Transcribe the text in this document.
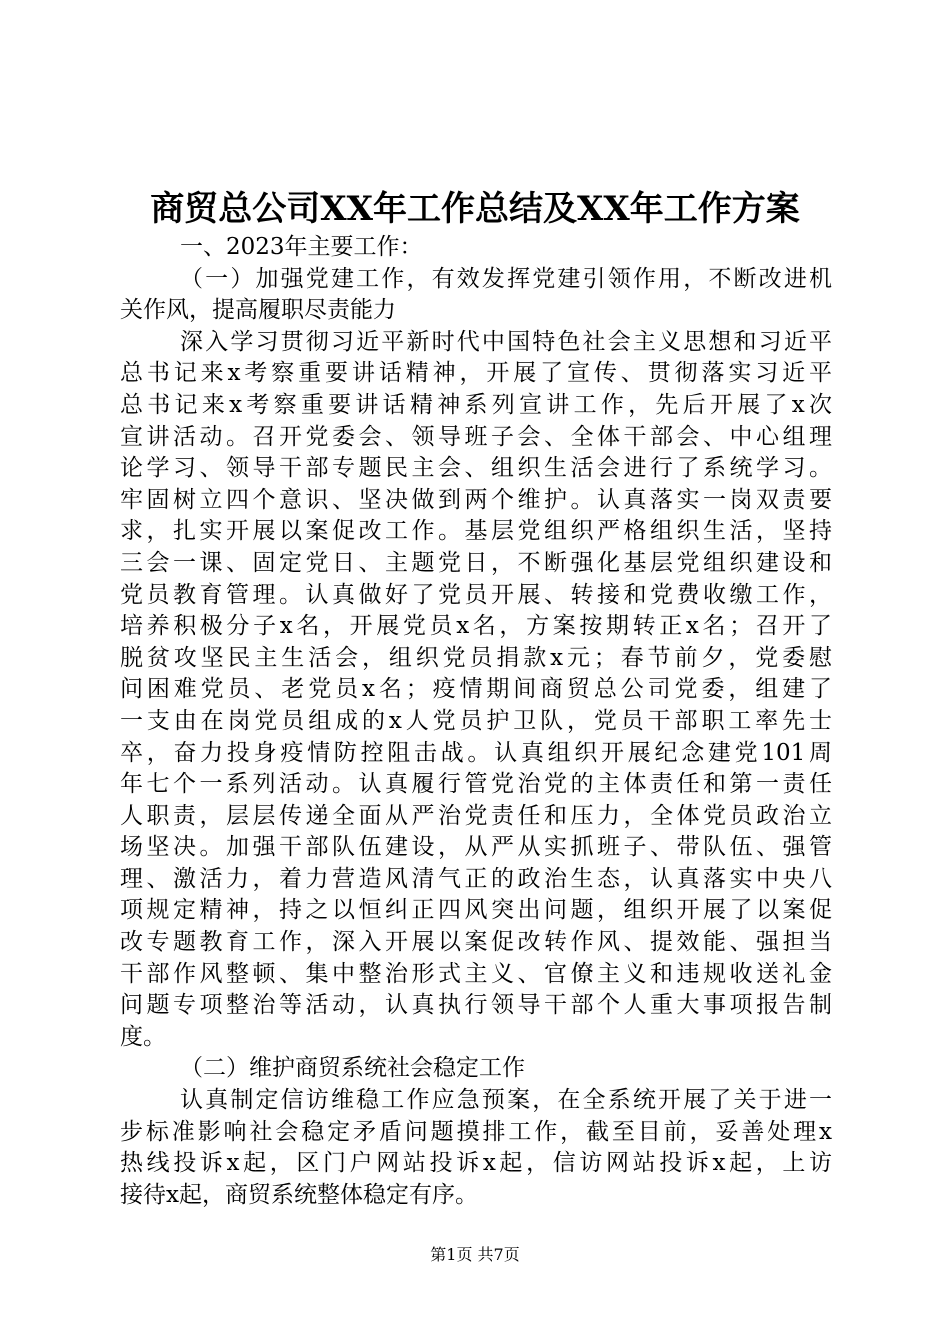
商贸总公司XX年工作总结及XX年工作方案
一、2023年主要工作：
（一）加强党建工作，有效发挥党建引领作用，不断改进机
关作风，提高履职尽责能力
深入学习贯彻习近平新时代中国特色社会主义思想和习近平
总书记来x考察重要讲话精神，开展了宣传、贯彻落实习近平
总书记来x考察重要讲话精神系列宣讲工作，先后开展了x次
宣讲活动。召开党委会、领导班子会、全体干部会、中心组理
论学习、领导干部专题民主会、组织生活会进行了系统学习。
牢固树立四个意识、坚决做到两个维护。认真落实一岗双责要
求，扎实开展以案促改工作。基层党组织严格组织生活，坚持
三会一课、固定党日、主题党日，不断强化基层党组织建设和
党员教育管理。认真做好了党员开展、转接和党费收缴工作，
培养积极分子x名，开展党员x名，方案按期转正x名；召开了
脱贫攻坚民主生活会，组织党员捐款x元；春节前夕，党委慰
问困难党员、老党员x名；疫情期间商贸总公司党委，组建了
一支由在岗党员组成的x人党员护卫队，党员干部职工率先士
卒，奋力投身疫情防控阻击战。认真组织开展纪念建党101周
年七个一系列活动。认真履行管党治党的主体责任和第一责任
人职责，层层传递全面从严治党责任和压力，全体党员政治立
场坚决。加强干部队伍建设，从严从实抓班子、带队伍、强管
理、激活力，着力营造风清气正的政治生态，认真落实中央八
项规定精神，持之以恒纠正四风突出问题，组织开展了以案促
改专题教育工作，深入开展以案促改转作风、提效能、强担当
干部作风整顿、集中整治形式主义、官僚主义和违规收送礼金
问题专项整治等活动，认真执行领导干部个人重大事项报告制
度。
（二）维护商贸系统社会稳定工作
认真制定信访维稳工作应急预案，在全系统开展了关于进一
步标准影响社会稳定矛盾问题摸排工作，截至目前，妥善处理x
热线投诉x起，区门户网站投诉x起，信访网站投诉x起，上访
接待x起，商贸系统整体稳定有序。
第1页 共7页
